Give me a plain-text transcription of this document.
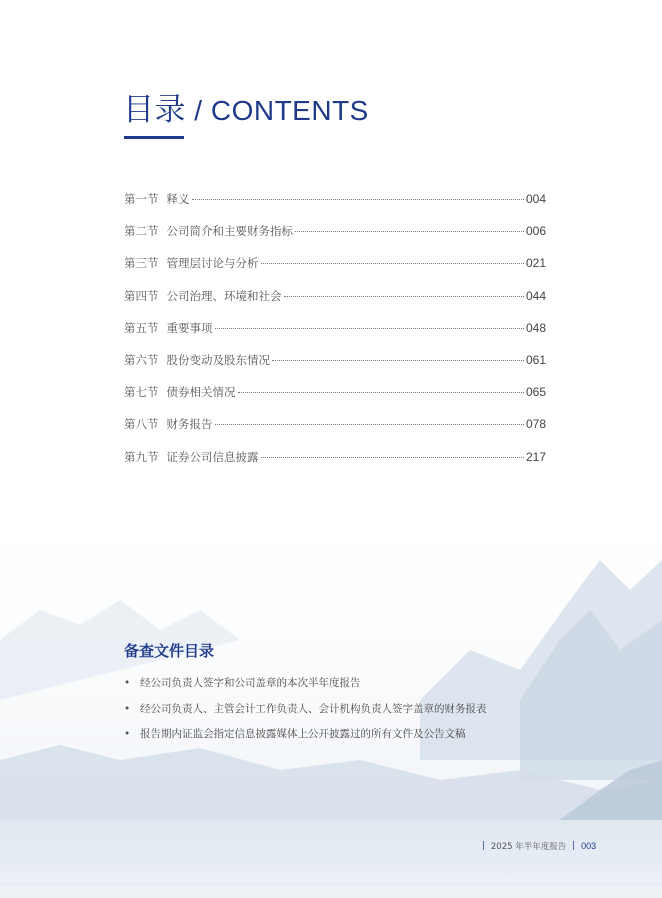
目录 / CONTENTS
第一节 释义	004
第二节 公司简介和主要财务指标	006
第三节 管理层讨论与分析	021
第四节 公司治理、环境和社会	044
第五节 重要事项	048
第六节 股份变动及股东情况	061
第七节 债券相关情况	065
第八节 财务报告	078
第九节 证券公司信息披露	217
备查文件目录
• 经公司负责人签字和公司盖章的本次半年度报告
• 经公司负责人、主管会计工作负责人、会计机构负责人签字盖章的财务报表
• 报告期内证监会指定信息披露媒体上公开披露过的所有文件及公告文稿
| 2025 年半年度报告 | 003
